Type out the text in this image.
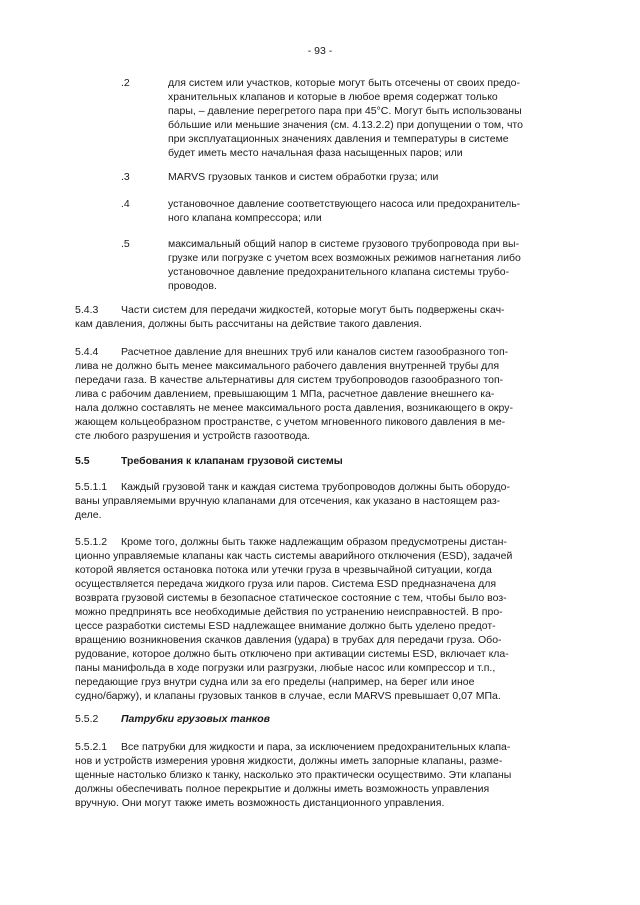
- 93 -
.2	для систем или участков, которые могут быть отсечены от своих предо-
хранительных клапанов и которые в любое время содержат только
пары, – давление перегретого пара при 45°С. Могут быть использованы
бóльшие или меньшие значения (см. 4.13.2.2) при допущении о том, что
при эксплуатационных значениях давления и температуры в системе
будет иметь место начальная фаза насыщенных паров; или
.3	MARVS грузовых танков и систем обработки груза; или
.4	установочное давление соответствующего насоса или предохранитель-
ного клапана компрессора; или
.5	максимальный общий напор в системе грузового трубопровода при вы-
грузке или погрузке с учетом всех возможных режимов нагнетания либо
установочное давление предохранительного клапана системы трубо-
проводов.
5.4.3 Части систем для передачи жидкостей, которые могут быть подвержены скач-
кам давления, должны быть рассчитаны на действие такого давления.
5.4.4 Расчетное давление для внешних труб или каналов систем газообразного топ-
лива не должно быть менее максимального рабочего давления внутренней трубы для
передачи газа. В качестве альтернативы для систем трубопроводов газообразного топ-
лива с рабочим давлением, превышающим 1 МПа, расчетное давление внешнего ка-
нала должно составлять не менее максимального роста давления, возникающего в окру-
жающем кольцеобразном пространстве, с учетом мгновенного пикового давления в ме-
сте любого разрушения и устройств газоотвода.
5.5	Требования к клапанам грузовой системы
5.5.1.1 Каждый грузовой танк и каждая система трубопроводов должны быть оборудо-
ваны управляемыми вручную клапанами для отсечения, как указано в настоящем раз-
деле.
5.5.1.2 Кроме того, должны быть также надлежащим образом предусмотрены дистан-
ционно управляемые клапаны как часть системы аварийного отключения (ESD), задачей
которой является остановка потока или утечки груза в чрезвычайной ситуации, когда
осуществляется передача жидкого груза или паров. Система ESD предназначена для
возврата грузовой системы в безопасное статическое состояние с тем, чтобы было воз-
можно предпринять все необходимые действия по устранению неисправностей. В про-
цессе разработки системы ESD надлежащее внимание должно быть уделено предот-
вращению возникновения скачков давления (удара) в трубах для передачи груза. Обо-
рудование, которое должно быть отключено при активации системы ESD, включает кла-
паны манифольда в ходе погрузки или разгрузки, любые насос или компрессор и т.п.,
передающие груз внутри судна или за его пределы (например, на берег или иное
судно/баржу), и клапаны грузовых танков в случае, если MARVS превышает 0,07 МПа.
5.5.2 Патрубки грузовых танков
5.5.2.1 Все патрубки для жидкости и пара, за исключением предохранительных клапа-
нов и устройств измерения уровня жидкости, должны иметь запорные клапаны, разме-
щенные настолько близко к танку, насколько это практически осуществимо. Эти клапаны
должны обеспечивать полное перекрытие и должны иметь возможность управления
вручную. Они могут также иметь возможность дистанционного управления.
